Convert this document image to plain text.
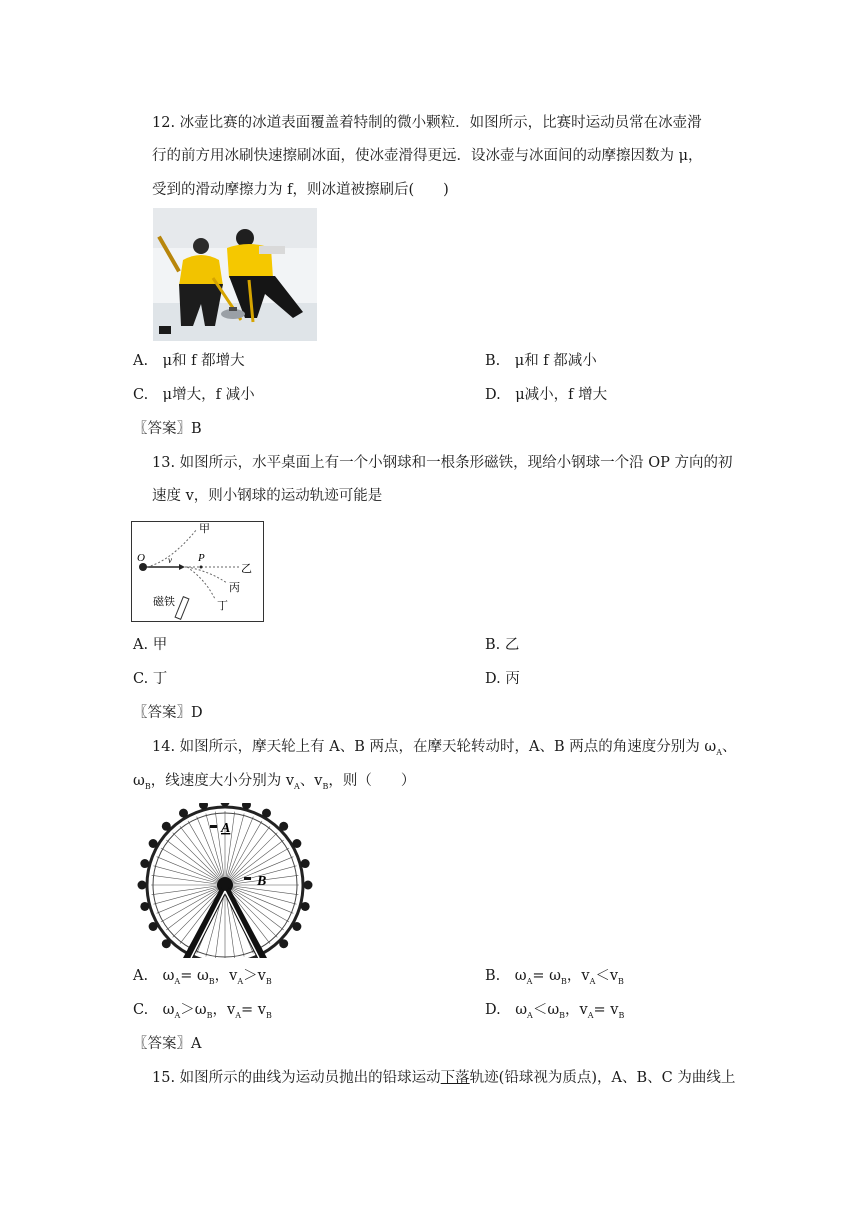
12. 冰壶比赛的冰道表面覆盖着特制的微小颗粒．如图所示，比赛时运动员常在冰壶滑
行的前方用冰刷快速擦刷冰面，使冰壶滑得更远．设冰壶与冰面间的动摩擦因数为 μ，
受到的滑动摩擦力为 f，则冰道被擦刷后(　　)
A.　μ和 f 都增大	B.　μ和 f 都减小
C.　μ增大，f 减小	D.　μ减小，f 增大
〖答案〗B
13. 如图所示，水平桌面上有一个小钢球和一根条形磁铁，现给小钢球一个沿 OP 方向的初
速度 v，则小钢球的运动轨迹可能是
O	v P
甲
乙
丙
丁
磁铁
A. 甲	B. 乙
C. 丁	D. 丙
〖答案〗D
14. 如图所示，摩天轮上有 A、B 两点，在摩天轮转动时，A、B 两点的角速度分别为 $\omega_A$、
$\omega_B$，线速度大小分别为 $v_A$、$v_B$，则（　　）
A
B
A.　$\omega_A= \omega_B$，$v_A>v_B$	B.　$\omega_A= \omega_B$，$v_A<v_B$
C.　$\omega_A>\omega_B$，$v_A= v_B$	D.　$\omega_A<\omega_B$，$v_A= v_B$
〖答案〗A
15. 如图所示的曲线为运动员抛出的铅球运动下落轨迹(铅球视为质点)，A、B、C 为曲线上
